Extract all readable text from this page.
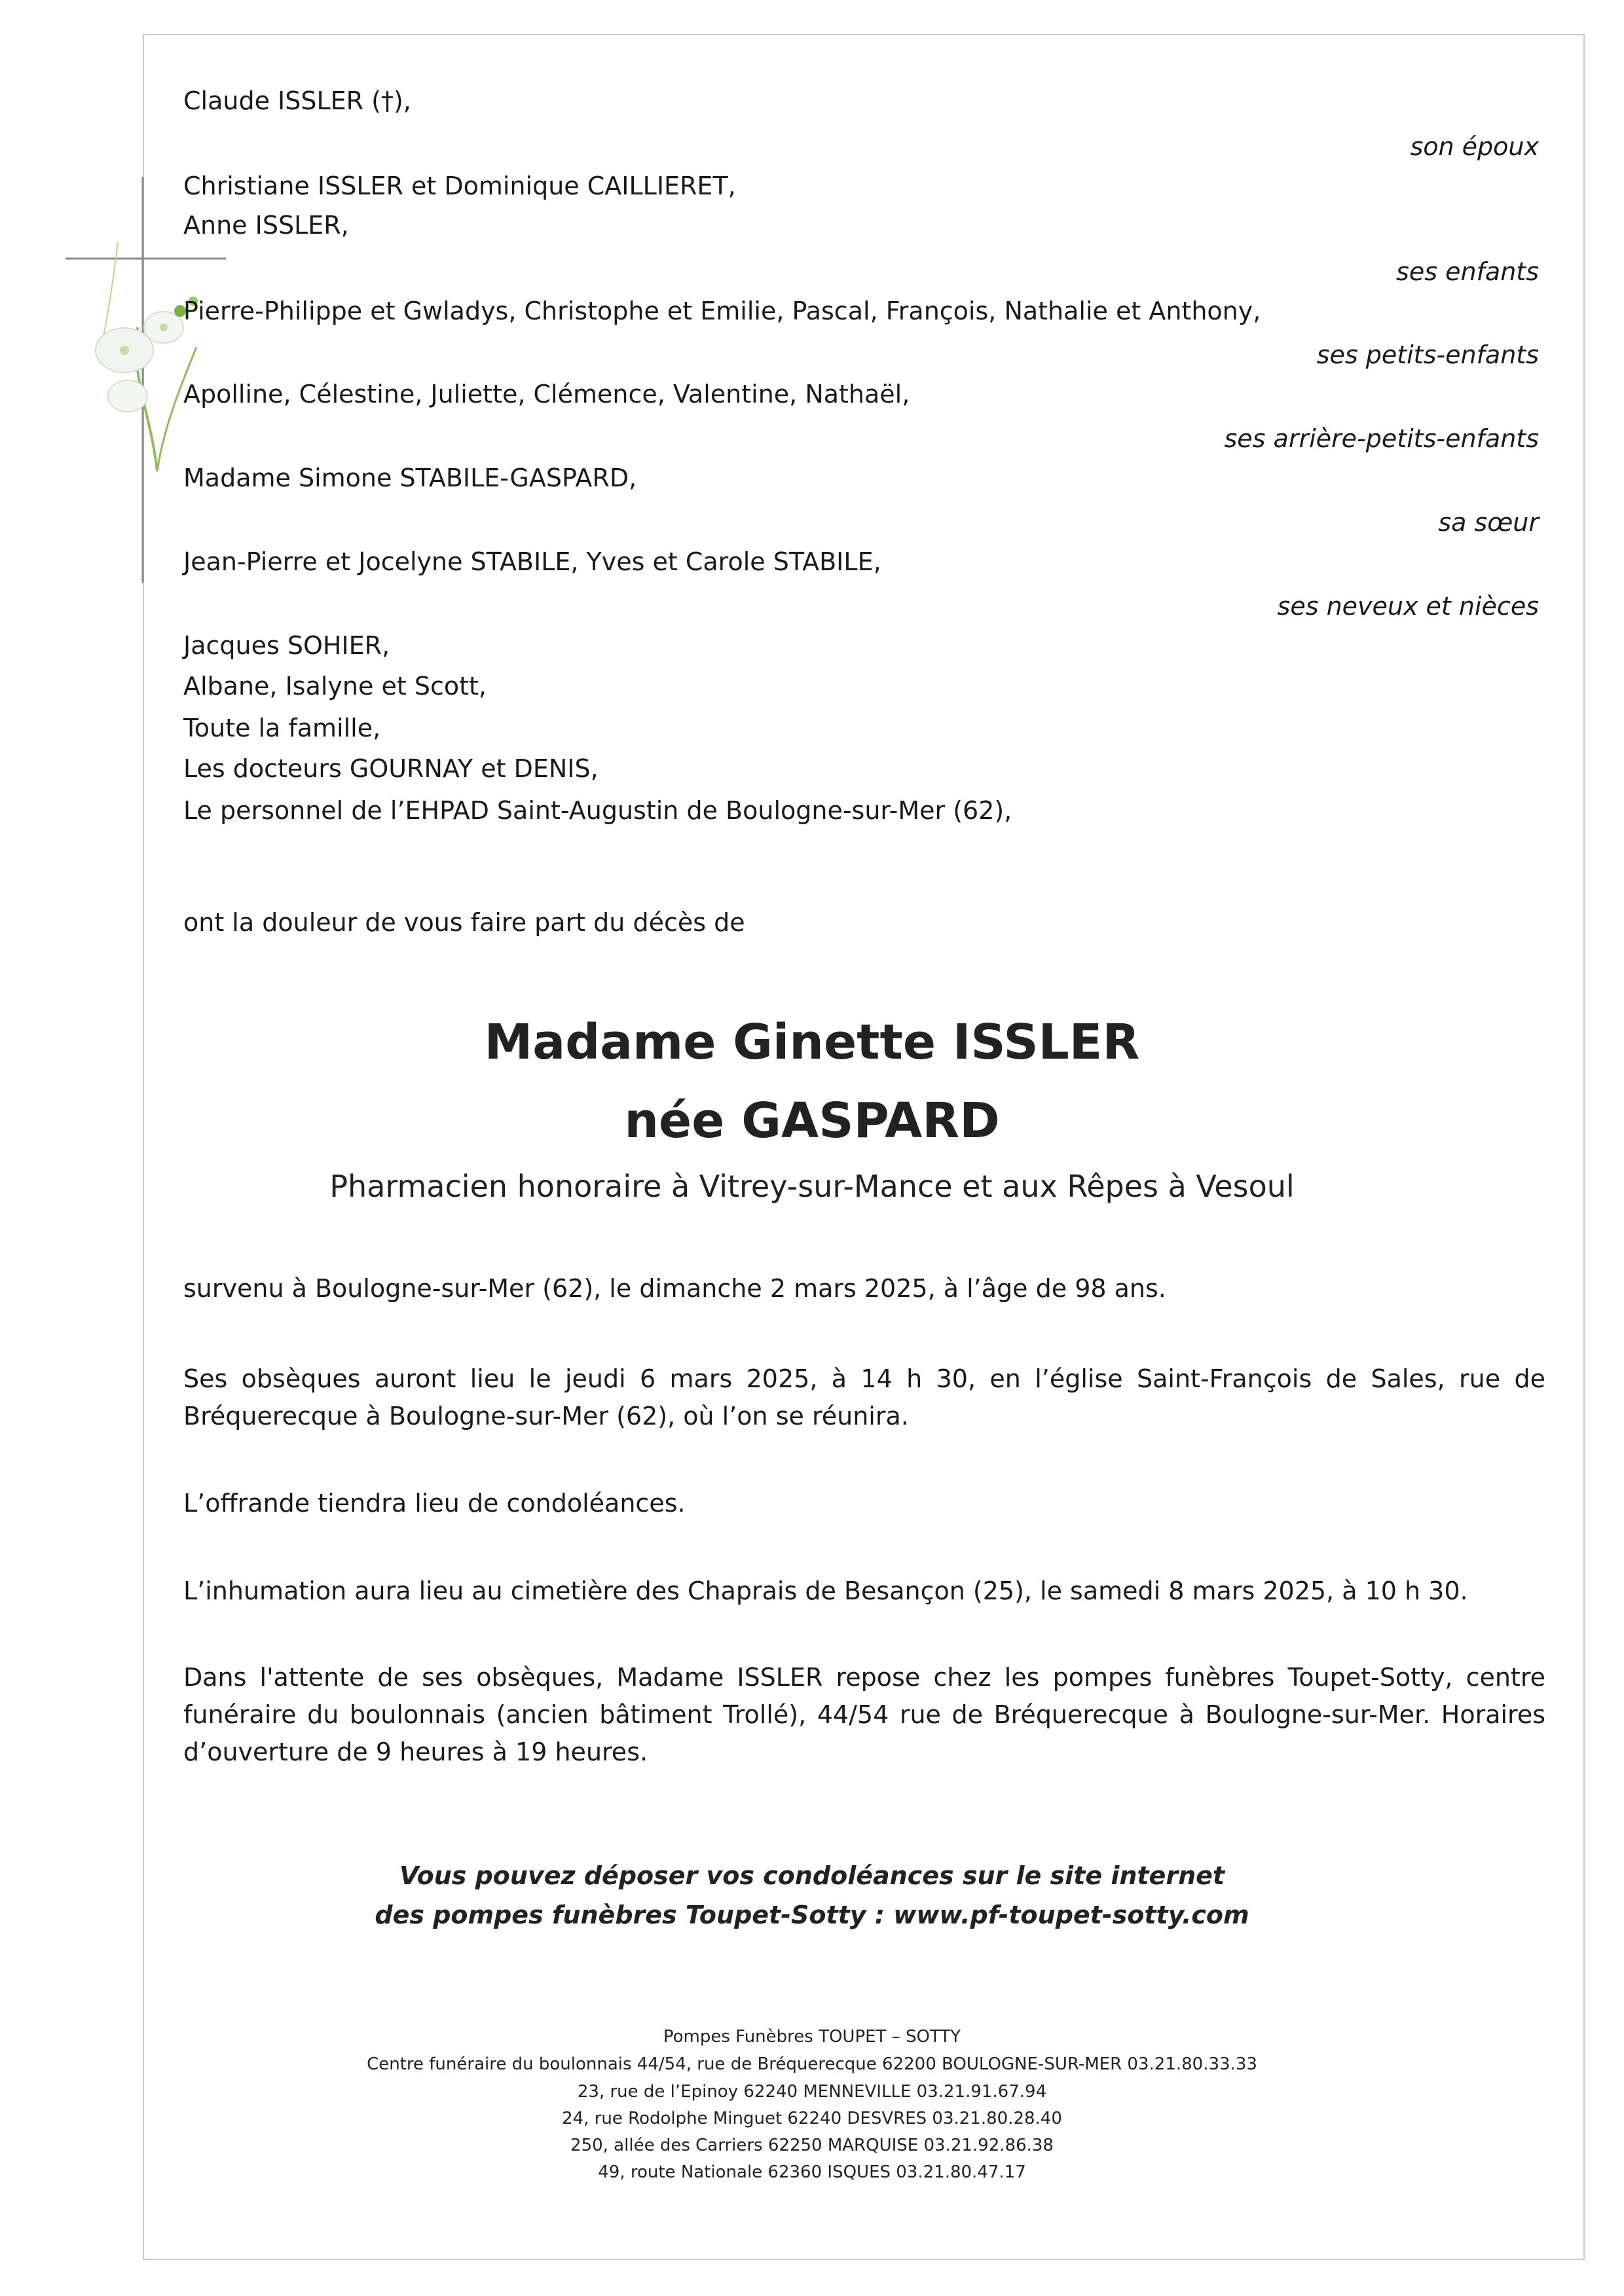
Claude ISSLER (†),
Christiane ISSLER et Dominique CAILLIERET,
Anne ISSLER,
Pierre-Philippe et Gwladys, Christophe et Emilie, Pascal, François, Nathalie et Anthony,
Apolline, Célestine, Juliette, Clémence, Valentine, Nathaël,
Madame Simone STABILE-GASPARD,
Jean-Pierre et Jocelyne STABILE, Yves et Carole STABILE,
Jacques SOHIER,
Albane, Isalyne et Scott,
Toute la famille,
Les docteurs GOURNAY et DENIS,
Le personnel de l’EHPAD Saint-Augustin de Boulogne-sur-Mer (62),
son époux
ses enfants
ses petits-enfants
ses arrière-petits-enfants
sa sœur
ses neveux et nièces
ont la douleur de vous faire part du décès de
Madame Ginette ISSLER
née GASPARD
Pharmacien honoraire à Vitrey-sur-Mance et aux Rêpes à Vesoul
survenu à Boulogne-sur-Mer (62), le dimanche 2 mars 2025, à l’âge de 98 ans.
Ses obsèques auront lieu le jeudi 6 mars 2025, à 14 h 30, en l’église Saint-François de Sales, rue de Bréquerecque à Boulogne-sur-Mer (62), où l’on se réunira.
L’offrande tiendra lieu de condoléances.
L’inhumation aura lieu au cimetière des Chaprais de Besançon (25), le samedi 8 mars 2025, à 10 h 30.
Dans l'attente de ses obsèques, Madame ISSLER repose chez les pompes funèbres Toupet-Sotty, centre funéraire du boulonnais (ancien bâtiment Trollé), 44/54 rue de Bréquerecque à Boulogne-sur-Mer. Horaires d’ouverture de 9 heures à 19 heures.
Vous pouvez déposer vos condoléances sur le site internet
des pompes funèbres Toupet-Sotty : www.pf-toupet-sotty.com
Pompes Funèbres TOUPET – SOTTY
Centre funéraire du boulonnais 44/54, rue de Bréquerecque 62200 BOULOGNE-SUR-MER 03.21.80.33.33
23, rue de l’Epinoy 62240 MENNEVILLE 03.21.91.67.94
24, rue Rodolphe Minguet 62240 DESVRES 03.21.80.28.40
250, allée des Carriers 62250 MARQUISE 03.21.92.86.38
49, route Nationale 62360 ISQUES 03.21.80.47.17
